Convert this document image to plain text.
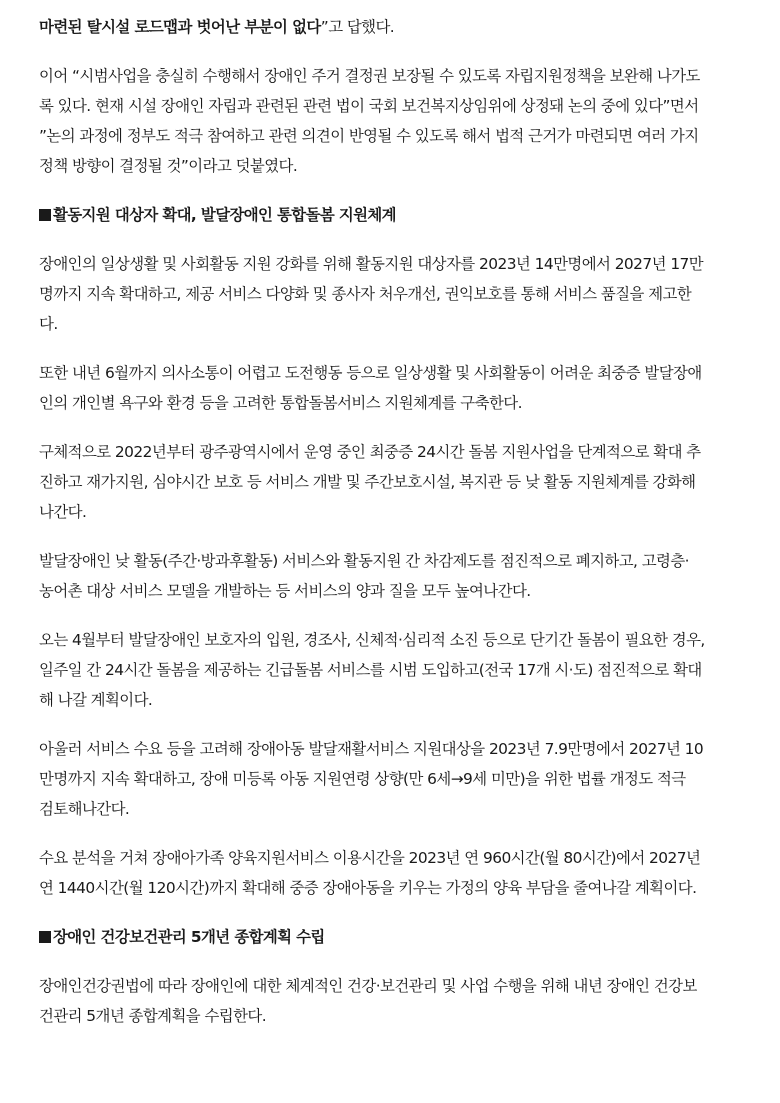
마련된 탈시설 로드맵과 벗어난 부분이 없다”고 답했다.

이어 “시범사업을 충실히 수행해서 장애인 주거 결정권 보장될 수 있도록 자립지원정책을 보완해 나가도
록 있다. 현재 시설 장애인 자립과 관련된 관련 법이 국회 보건복지상임위에 상정돼 논의 중에 있다”면서
”논의 과정에 정부도 적극 참여하고 관련 의견이 반영될 수 있도록 해서 법적 근거가 마련되면 여러 가지
정책 방향이 결정될 것”이라고 덧붙였다.

활동지원 대상자 확대, 발달장애인 통합돌봄 지원체계

장애인의 일상생활 및 사회활동 지원 강화를 위해 활동지원 대상자를 2023년 14만명에서 2027년 17만
명까지 지속 확대하고, 제공 서비스 다양화 및 종사자 처우개선, 권익보호를 통해 서비스 품질을 제고한
다.

또한 내년 6월까지 의사소통이 어렵고 도전행동 등으로 일상생활 및 사회활동이 어려운 최중증 발달장애
인의 개인별 욕구와 환경 등을 고려한 통합돌봄서비스 지원체계를 구축한다.

구체적으로 2022년부터 광주광역시에서 운영 중인 최중증 24시간 돌봄 지원사업을 단계적으로 확대 추
진하고 재가지원, 심야시간 보호 등 서비스 개발 및 주간보호시설, 복지관 등 낮 활동 지원체계를 강화해
나간다.

발달장애인 낮 활동(주간·방과후활동) 서비스와 활동지원 간 차감제도를 점진적으로 폐지하고, 고령층·
농어촌 대상 서비스 모델을 개발하는 등 서비스의 양과 질을 모두 높여나간다.

오는 4월부터 발달장애인 보호자의 입원, 경조사, 신체적·심리적 소진 등으로 단기간 돌봄이 필요한 경우,
일주일 간 24시간 돌봄을 제공하는 긴급돌봄 서비스를 시범 도입하고(전국 17개 시·도) 점진적으로 확대
해 나갈 계획이다.

아울러 서비스 수요 등을 고려해 장애아동 발달재활서비스 지원대상을 2023년 7.9만명에서 2027년 10
만명까지 지속 확대하고, 장애 미등록 아동 지원연령 상향(만 6세→9세 미만)을 위한 법률 개정도 적극
검토해나간다.

수요 분석을 거쳐 장애아가족 양육지원서비스 이용시간을 2023년 연 960시간(월 80시간)에서 2027년
연 1440시간(월 120시간)까지 확대해 중증 장애아동을 키우는 가정의 양육 부담을 줄여나갈 계획이다.

장애인 건강보건관리 5개년 종합계획 수립

장애인건강권법에 따라 장애인에 대한 체계적인 건강·보건관리 및 사업 수행을 위해 내년 장애인 건강보
건관리 5개년 종합계획을 수립한다.
